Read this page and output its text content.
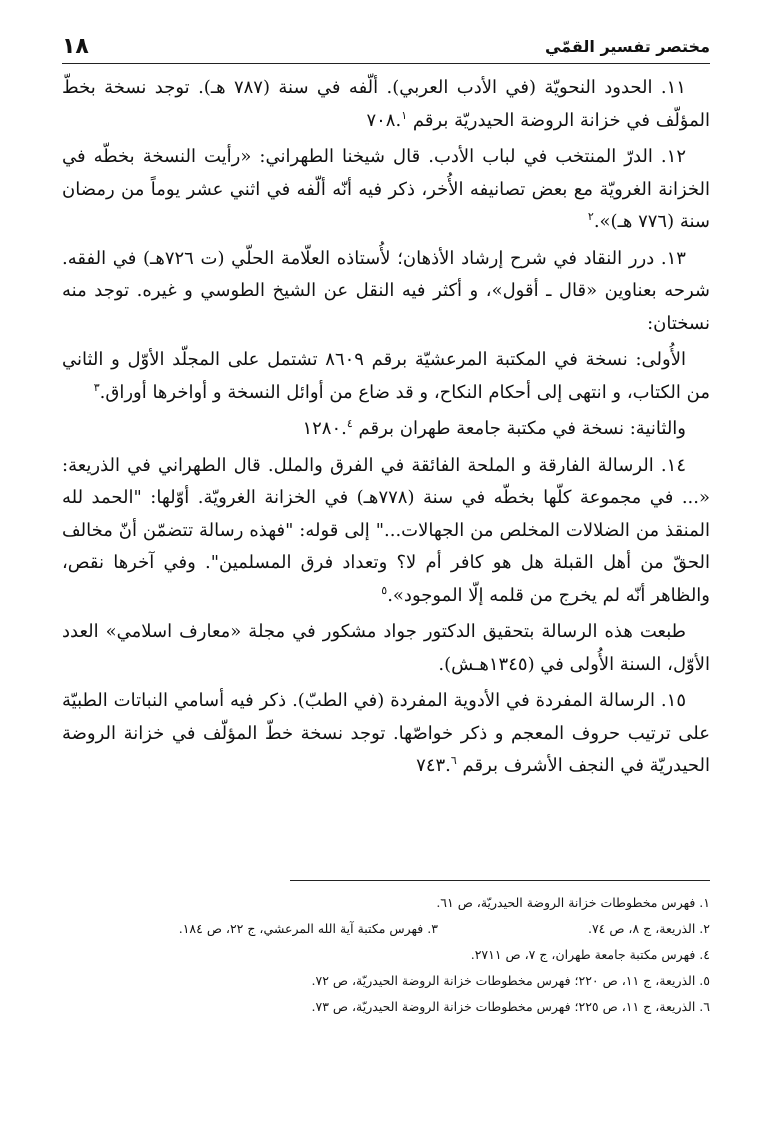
١٨	مختصر تفسير القمّي

١١. الحدود النحويّة (في الأدب العربي). ألّفه في سنة (٧٨٧ هـ). توجد نسخة بخطّ المؤلّف في خزانة الروضة الحيدريّة برقم ٧٠٨.$^١$

١٢. الدرّ المنتخب في لباب الأدب. قال شيخنا الطهراني: «رأيت النسخة بخطّه في الخزانة الغرويّة مع بعض تصانيفه الأُخر، ذكر فيه أنّه ألّفه في اثني عشر يوماً من رمضان سنة (٧٧٦ هـ)».$^٢$

١٣. درر النقاد في شرح إرشاد الأذهان؛ لأُستاذه العلّامة الحلّي (ت ٧٢٦هـ) في الفقه. شرحه بعناوين «قال ـ أقول»، و أكثر فيه النقل عن الشيخ الطوسي و غيره. توجد منه نسختان:

الأُولى: نسخة في المكتبة المرعشيّة برقم ٨٦٠٩ تشتمل على المجلّد الأوّل و الثاني من الكتاب، و انتهى إلى أحكام النكاح، و قد ضاع من أوائل النسخة و أواخرها أوراق.$^٣$

والثانية: نسخة في مكتبة جامعة طهران برقم ١٢٨٠.$^٤$

١٤. الرسالة الفارقة و الملحة الفائقة في الفرق والملل. قال الطهراني في الذريعة: «... في مجموعة كلّها بخطّه في سنة (٧٧٨هـ) في الخزانة الغرويّة. أوّلها: "الحمد لله المنقذ من الضلالات المخلص من الجهالات..." إلى قوله: "فهذه رسالة تتضمّن أنّ مخالف الحقّ من أهل القبلة هل هو كافر أم لا؟ وتعداد فرق المسلمين". وفي آخرها نقص، والظاهر أنّه لم يخرج من قلمه إلّا الموجود».$^٥$

طبعت هذه الرسالة بتحقيق الدكتور جواد مشكور في مجلة «معارف اسلامي» العدد الأوّل، السنة الأُولى في (١٣٤٥هـش).

١٥. الرسالة المفردة في الأدوية المفردة (في الطبّ). ذكر فيه أسامي النباتات الطبيّة على ترتيب حروف المعجم و ذكر خواصّها. توجد نسخة خطّ المؤلّف في خزانة الروضة الحيدريّة في النجف الأشرف برقم ٧٤٣.$^٦$

١. فهرس مخطوطات خزانة الروضة الحيدريّة، ص ٦١.
٢. الذريعة، ج ٨، ص ٧٤.
٣. فهرس مكتبة آية الله المرعشي، ج ٢٢، ص ١٨٤.
٤. فهرس مكتبة جامعة طهران، ج ٧، ص ٢٧١١.
٥. الذريعة، ج ١١، ص ٢٢٠؛ فهرس مخطوطات خزانة الروضة الحيدريّة، ص ٧٢.
٦. الذريعة، ج ١١، ص ٢٢٥؛ فهرس مخطوطات خزانة الروضة الحيدريّة، ص ٧٣.
